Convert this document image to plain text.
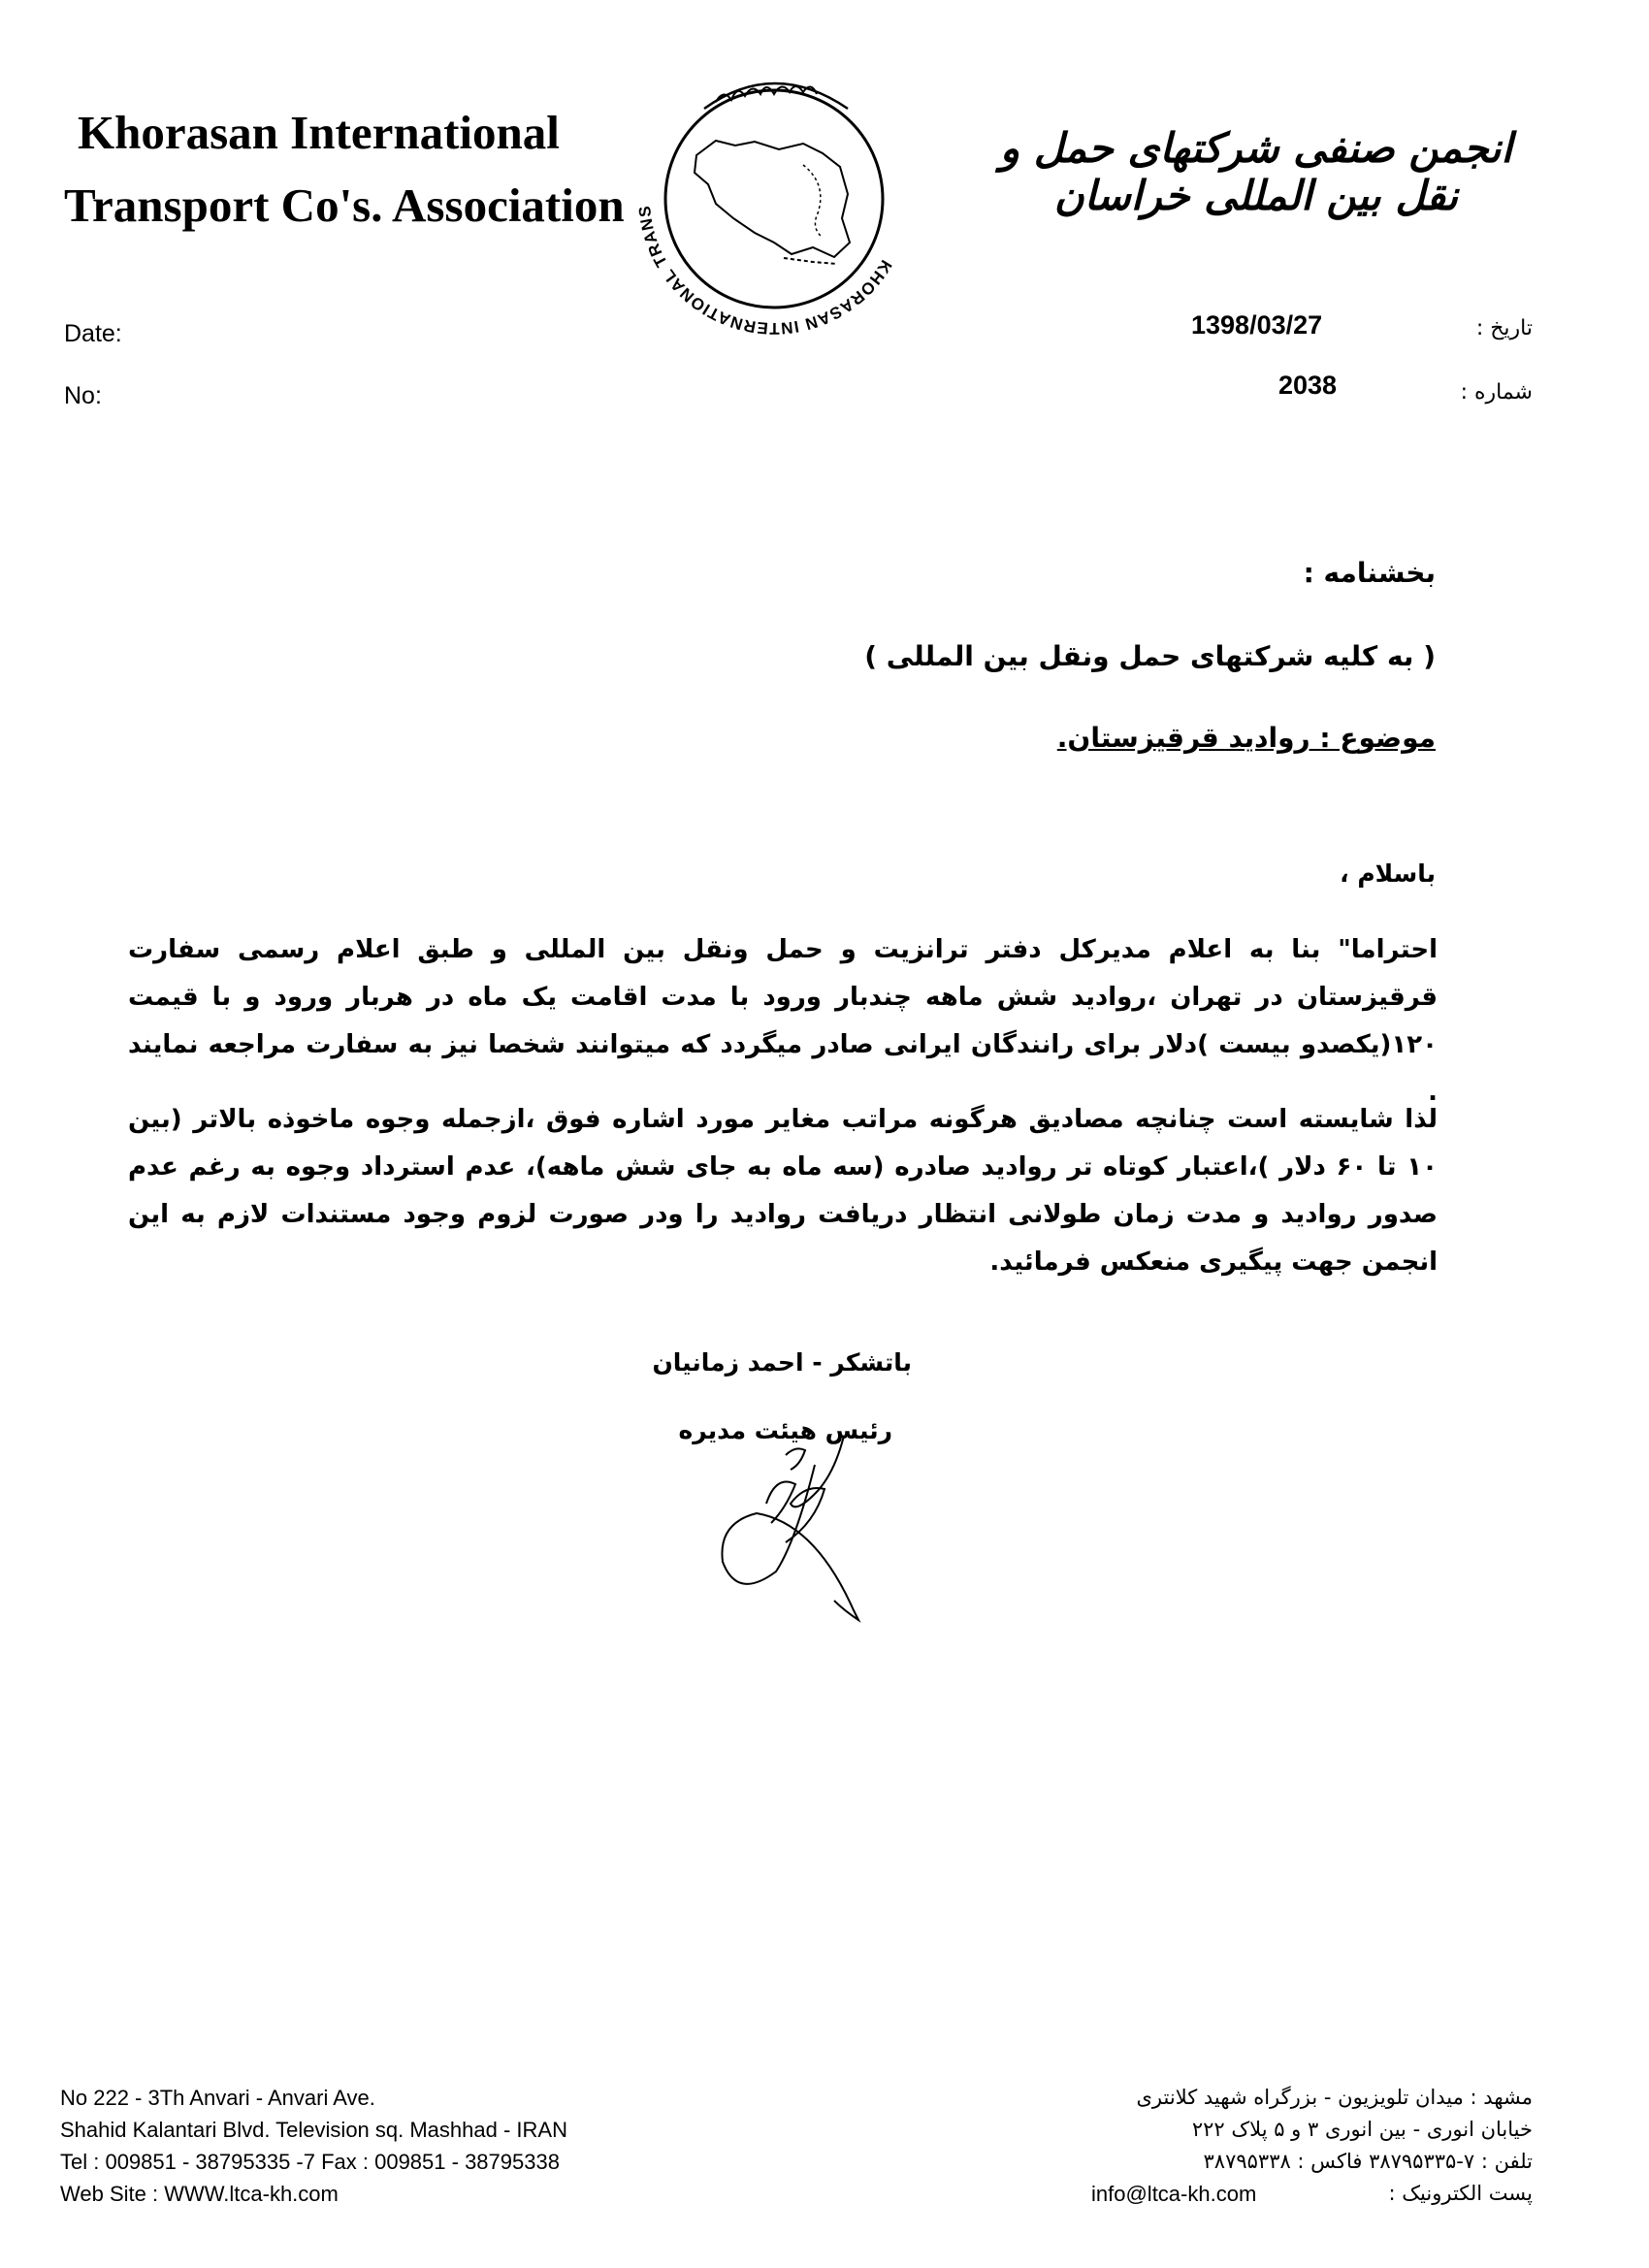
Khorasan International
Transport Co's. Association
KHORASAN INTERNATIONAL TRANS
انجمن صنفی شرکتهای حمل و نقل بین المللی خراسان
Date:
No:
تاریخ :
شماره :
1398/03/27
2038
بخشنامه :
( به کلیه شرکتهای حمل ونقل بین المللی )
موضوع : روادید قرقیزستان.
باسلام ،
احتراما" بنا به اعلام مدیرکل دفتر ترانزیت و حمل ونقل بین المللی و طبق اعلام رسمی سفارت قرقیزستان در تهران ،روادید شش ماهه چندبار ورود با مدت اقامت یک ماه در هربار ورود و با قیمت ۱۲۰(یکصدو بیست )دلار برای رانندگان ایرانی صادر میگردد که میتوانند شخصا نیز به سفارت مراجعه نمایند .
لذا شایسته است چنانچه مصادیق هرگونه مراتب مغایر مورد اشاره فوق ،ازجمله وجوه ماخوذه بالاتر (بین ۱۰ تا ۶۰ دلار )،اعتبار کوتاه تر روادید صادره (سه ماه به جای شش ماهه)، عدم استرداد وجوه به رغم عدم صدور روادید و مدت زمان طولانی انتظار دریافت روادید را ودر صورت لزوم وجود مستندات لازم به این انجمن جهت پیگیری منعکس فرمائید.
باتشکر - احمد زمانیان
رئیس هیئت مدیره
No 222 - 3Th Anvari - Anvari Ave.
Shahid Kalantari Blvd. Television sq. Mashhad - IRAN
Tel : 009851 - 38795335 -7 Fax : 009851 - 38795338
Web Site : WWW.ltca-kh.com
مشهد : میدان تلویزیون - بزرگراه شهید کلانتری
خیابان انوری - بین انوری ۳ و ۵ پلاک ۲۲۲
تلفن : ۷-۳۸۷۹۵۳۳۵ فاکس : ۳۸۷۹۵۳۳۸
پست الکترونیک :
info@ltca-kh.com
